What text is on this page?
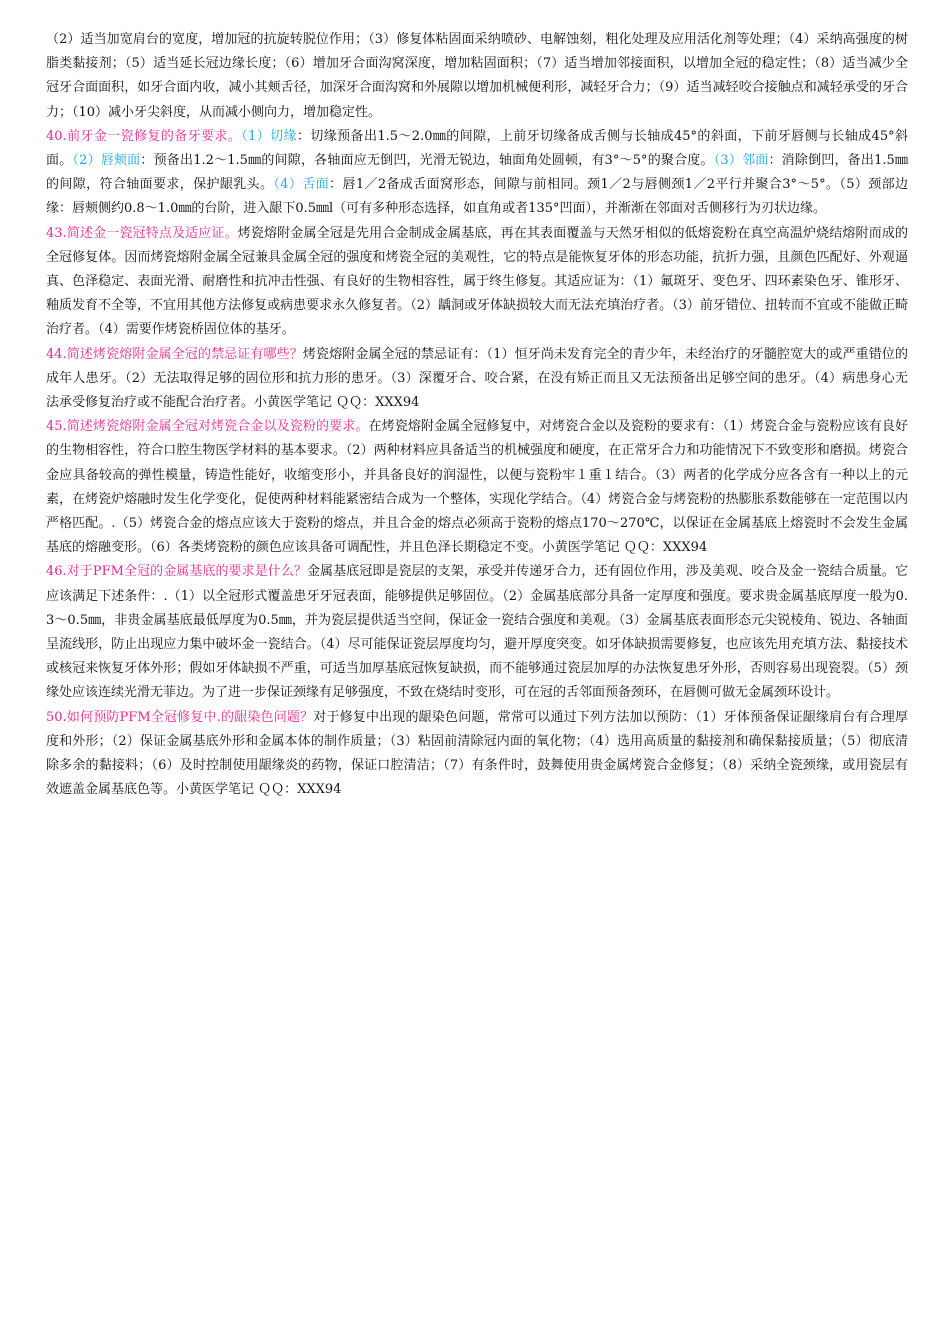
（2）适当加宽肩台的宽度，增加冠的抗旋转脱位作用；（3）修复体粘固面采纳喷砂、电解蚀刻，粗化处理及应用活化剂等处理；（4）采纳高强度的树脂类黏接剂；（5）适当延长冠边缘长度；（6）增加牙合面沟窝深度，增加粘固面积；（7）适当增加邻接面积，以增加全冠的稳定性；（8）适当减少全冠牙合面面积，如牙合面内收，减小其颊舌径，加深牙合面沟窝和外展隙以增加机械便利形，减轻牙合力；（9）适当减轻咬合接触点和减轻承受的牙合力；（10）减小牙尖斜度，从而减小侧向力，增加稳定性。

40.前牙金一瓷修复的备牙要求。（1）切缘：切缘预备出1.5～2.0㎜的间隙，上前牙切缘备成舌侧与长轴成45°的斜面，下前牙唇侧与长轴成45°斜面。（2）唇颊面：预备出1.2～1.5㎜的间隙，各轴面应无倒凹，光滑无锐边，轴面角处圆顿，有3°～5°的聚合度。（3）邻面：消除倒凹，备出1.5㎜的间隙，符合轴面要求，保护龈乳头。（4）舌面：唇1／2备成舌面窝形态，间隙与前相同。颈1／2与唇侧颈1／2平行并聚合3°～5°。（5）颈部边缘：唇颊侧约0.8～1.0㎜的台阶，进入龈下0.5㎜l（可有多种形态选择，如直角或者135°凹面），并渐渐在邻面对舌侧移行为刃状边缘。

43.简述金一瓷冠特点及适应证。烤瓷熔附金属全冠是先用合金制成金属基底，再在其表面覆盖与天然牙相似的低熔瓷粉在真空高温炉烧结熔附而成的全冠修复体。因而烤瓷熔附金属全冠兼具金属全冠的强度和烤瓷全冠的美观性，它的特点是能恢复牙体的形态功能，抗折力强，且颜色匹配好、外观逼真、色泽稳定、表面光滑、耐磨性和抗冲击性强、有良好的生物相容性，属于终生修复。其适应证为：（1）氟斑牙、变色牙、四环素染色牙、锥形牙、釉质发育不全等，不宜用其他方法修复或病患要求永久修复者。（2）龋洞或牙体缺损较大而无法充填治疗者。（3）前牙错位、扭转而不宜或不能做正畸治疗者。（4）需要作烤瓷桥固位体的基牙。

44.简述烤瓷熔附金属全冠的禁忌证有哪些？烤瓷熔附金属全冠的禁忌证有：（1）恒牙尚未发育完全的青少年，未经治疗的牙髓腔宽大的或严重错位的成年人患牙。（2）无法取得足够的固位形和抗力形的患牙。（3）深覆牙合、咬合紧，在没有矫正而且又无法预备出足够空间的患牙。（4）病患身心无法承受修复治疗或不能配合治疗者。小黄医学笔记 ＱＱ：XXX94

45.简述烤瓷熔附金属全冠对烤瓷合金以及瓷粉的要求。在烤瓷熔附金属全冠修复中，对烤瓷合金以及瓷粉的要求有：（1）烤瓷合金与瓷粉应该有良好的生物相容性，符合口腔生物医学材料的基本要求。（2）两种材料应具备适当的机械强度和硬度，在正常牙合力和功能情况下不致变形和磨损。烤瓷合金应具备较高的弹性模量，铸造性能好，收缩变形小，并具备良好的润湿性，以便与瓷粉牢１重１结合。（3）两者的化学成分应各含有一种以上的元素，在烤瓷炉熔融时发生化学变化，促使两种材料能紧密结合成为一个整体，实现化学结合。（4）烤瓷合金与烤瓷粉的热膨胀系数能够在一定范围以内严格匹配。.（5）烤瓷合金的熔点应该大于瓷粉的熔点，并且合金的熔点必须高于瓷粉的熔点170～270℃，以保证在金属基底上熔瓷时不会发生金属基底的熔融变形。（6）各类烤瓷粉的颜色应该具备可调配性，并且色泽长期稳定不变。小黄医学笔记 ＱＱ：XXX94

46.对于PFM全冠的金属基底的要求是什么？金属基底冠即是瓷层的支架，承受并传递牙合力，还有固位作用，涉及美观、咬合及金一瓷结合质量。它应该满足下述条件：.（1）以全冠形式覆盖患牙牙冠表面，能够提供足够固位。（2）金属基底部分具备一定厚度和强度。要求贵金属基底厚度一般为0.3～0.5㎜，非贵金属基底最低厚度为0.5㎜，并为瓷层提供适当空间，保证金一瓷结合强度和美观。（3）金属基底表面形态元尖锐棱角、锐边、各轴面呈流线形，防止出现应力集中破坏金一瓷结合。（4）尽可能保证瓷层厚度均匀，避开厚度突变。如牙体缺损需要修复，也应该先用充填方法、黏接技术或核冠来恢复牙体外形；假如牙体缺损不严重，可适当加厚基底冠恢复缺损，而不能够通过瓷层加厚的办法恢复患牙外形，否则容易出现瓷裂。（5）颈缘处应该连续光滑无菲边。为了进一步保证颈缘有足够强度，不致在烧结时变形，可在冠的舌邻面预备颈环，在唇侧可做无金属颈环设计。

50.如何预防PFM全冠修复中.的龈染色问题？对于修复中出现的龈染色问题，常常可以通过下列方法加以预防：（1）牙体预备保证龈缘肩台有合理厚度和外形；（2）保证金属基底外形和金属本体的制作质量；（3）粘固前清除冠内面的氧化物；（4）选用高质量的黏接剂和确保黏接质量；（5）彻底清除多余的黏接料；（6）及时控制使用龈缘炎的药物，保证口腔清洁；（7）有条件时，鼓舞使用贵金属烤瓷合金修复；（8）采纳全瓷颈缘，或用瓷层有效遮盖金属基底色等。小黄医学笔记 ＱＱ：XXX94
